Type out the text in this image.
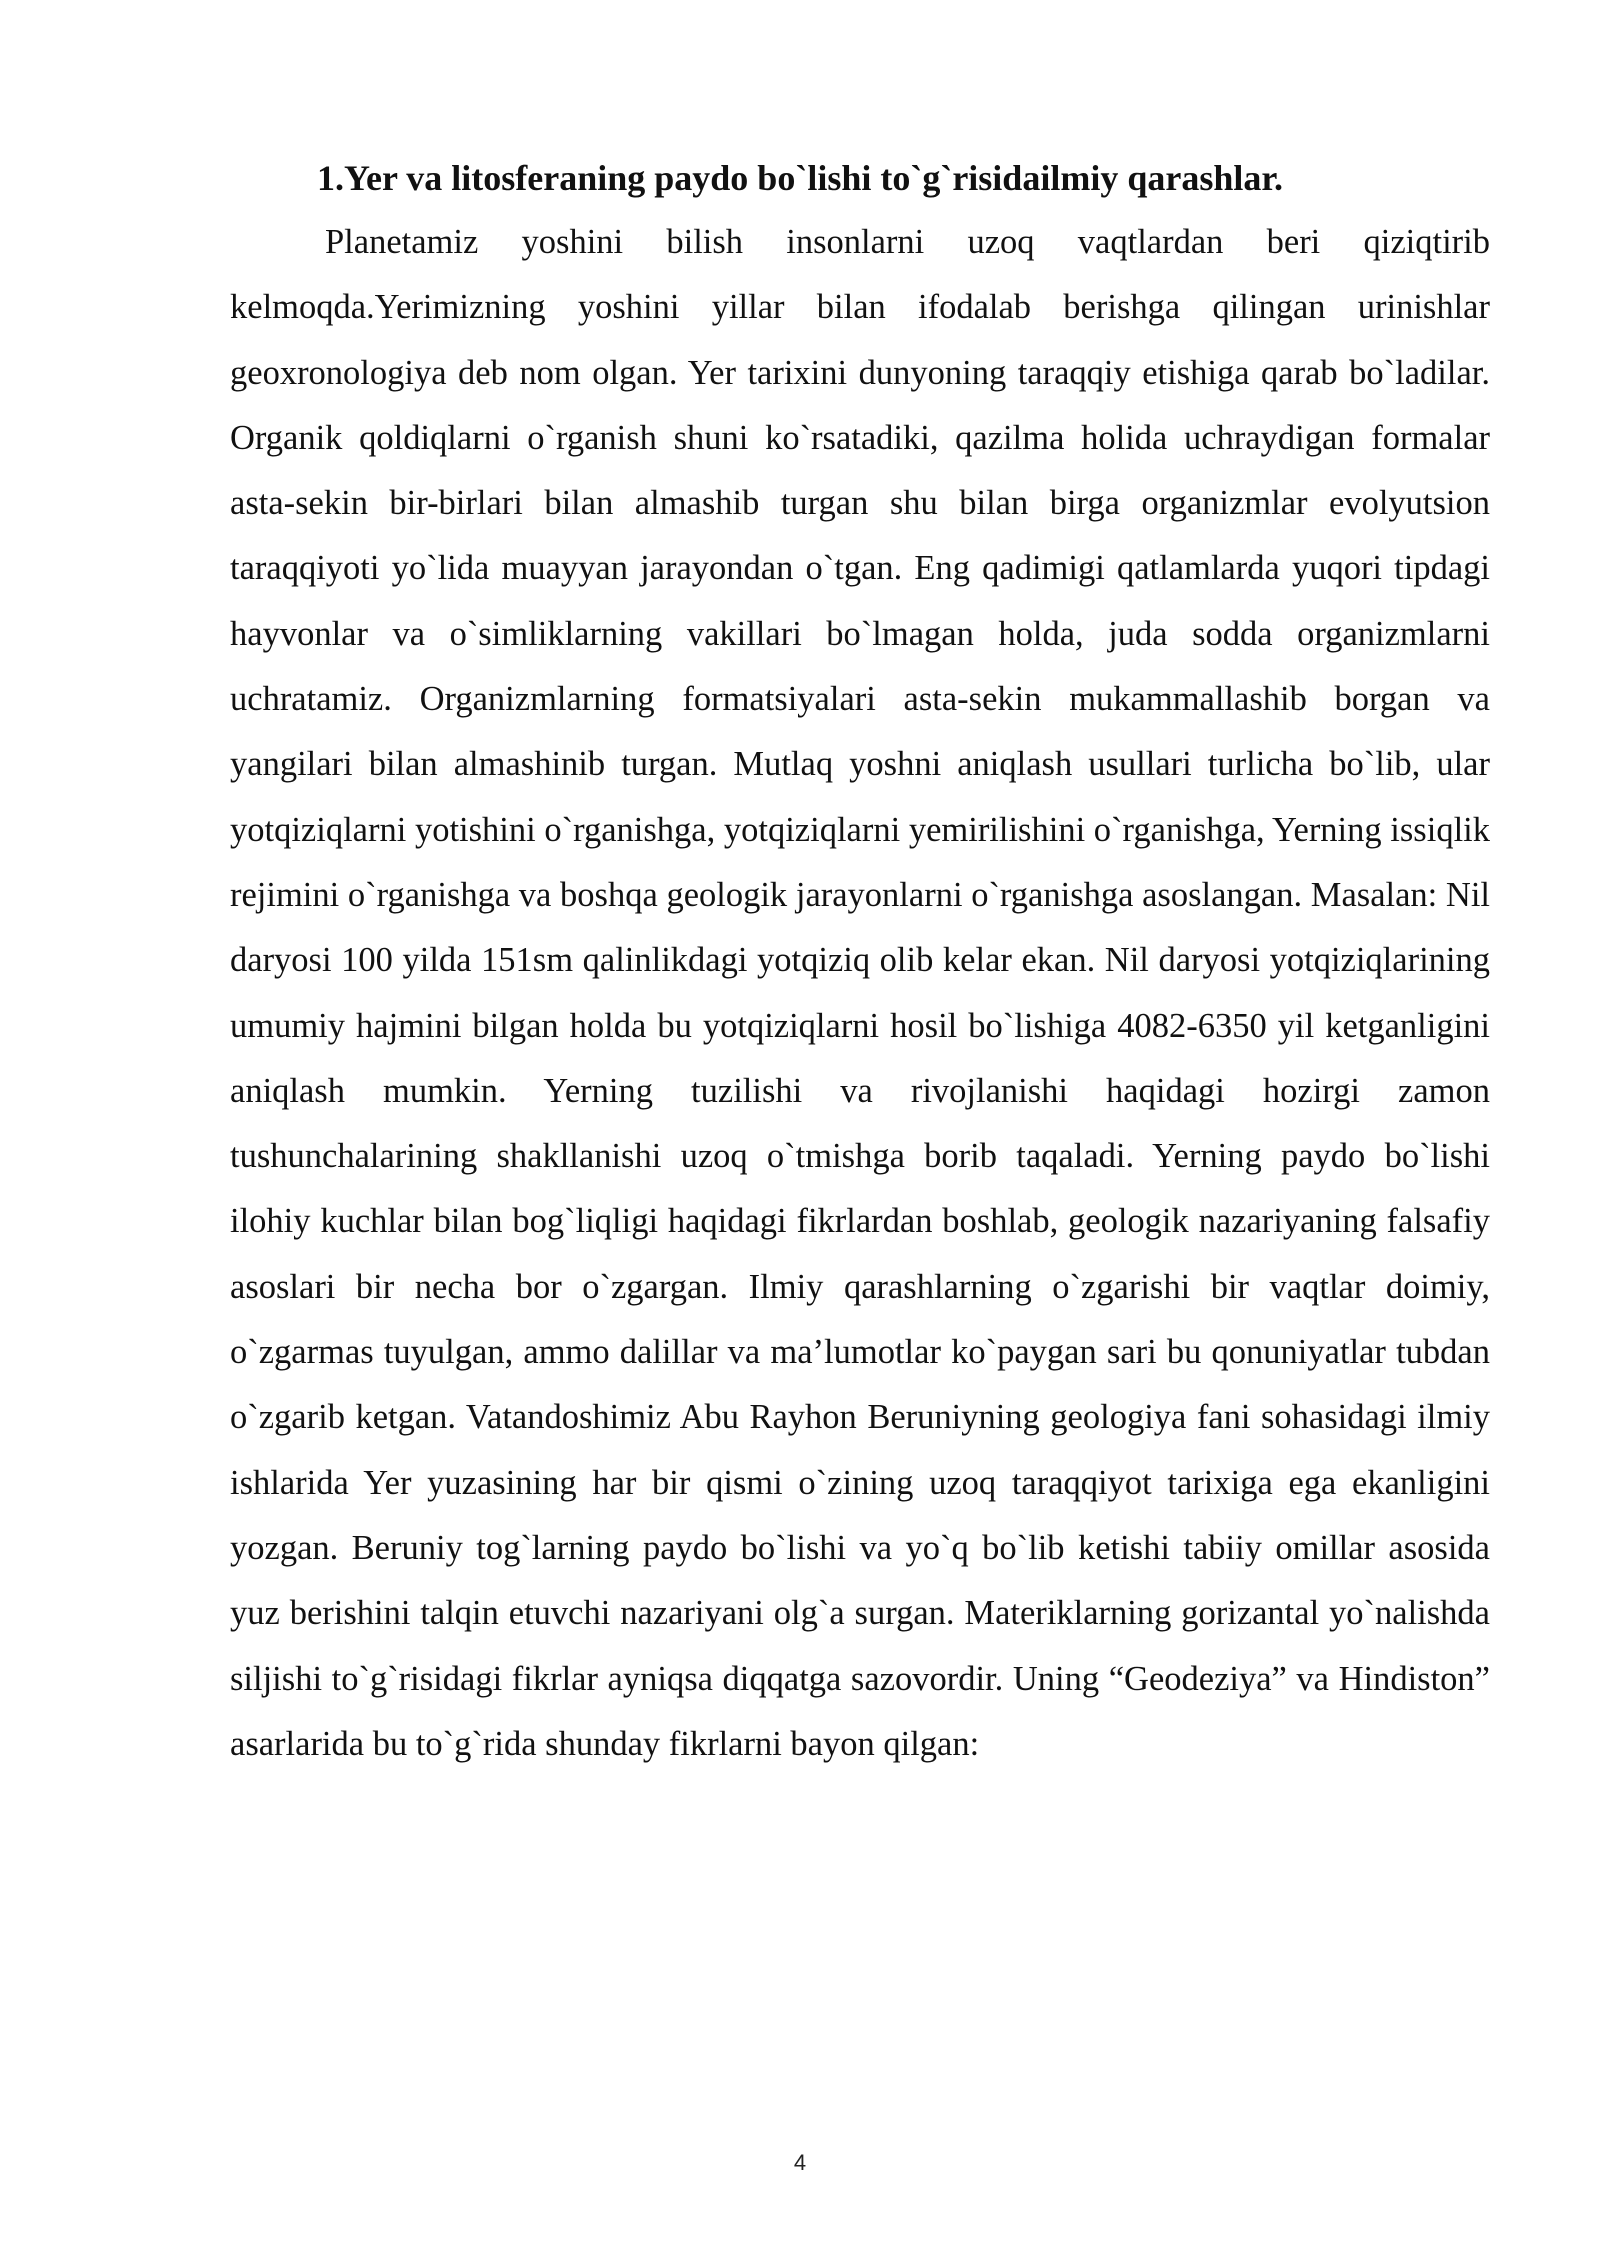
1.Yer va litosferaning paydo bo`lishi to`g`risidailmiy qarashlar.

Planetamiz yoshini bilish insonlarni uzoq vaqtlardan beri qiziqtirib kelmoqda.Yerimizning yoshini yillar bilan ifodalab berishga qilingan urinishlar geoxronologiya deb nom olgan. Yer tarixini dunyoning taraqqiy etishiga qarab bo`ladilar. Organik qoldiqlarni o`rganish shuni ko`rsatadiki, qazilma holida uchraydigan formalar asta-sekin bir-birlari bilan almashib turgan shu bilan birga organizmlar evolyutsion taraqqiyoti yo`lida muayyan jarayondan o`tgan. Eng qadimigi qatlamlarda yuqori tipdagi hayvonlar va o`simliklarning vakillari bo`lmagan holda, juda sodda organizmlarni uchratamiz. Organizmlarning formatsiyalari asta-sekin mukammallashib borgan va yangilari bilan almashinib turgan. Mutlaq yoshni aniqlash usullari turlicha bo`lib, ular yotqiziqlarni yotishini o`rganishga, yotqiziqlarni yemirilishini o`rganishga, Yerning issiqlik rejimini o`rganishga va boshqa geologik jarayonlarni o`rganishga asoslangan. Masalan: Nil daryosi 100 yilda 151sm qalinlikdagi yotqiziq olib kelar ekan. Nil daryosi yotqiziqlarining umumiy hajmini bilgan holda bu yotqiziqlarni hosil bo`lishiga 4082-6350 yil ketganligini aniqlash mumkin. Yerning tuzilishi va rivojlanishi haqidagi hozirgi zamon tushunchalarining shakllanishi uzoq o`tmishga borib taqaladi. Yerning paydo bo`lishi ilohiy kuchlar bilan bog`liqligi haqidagi fikrlardan boshlab, geologik nazariyaning falsafiy asoslari bir necha bor o`zgargan. Ilmiy qarashlarning o`zgarishi bir vaqtlar doimiy, o`zgarmas tuyulgan, ammo dalillar va ma’lumotlar ko`paygan sari bu qonuniyatlar tubdan o`zgarib ketgan. Vatandoshimiz Abu Rayhon Beruniyning geologiya fani sohasidagi ilmiy ishlarida Yer yuzasining har bir qismi o`zining uzoq taraqqiyot tarixiga ega ekanligini yozgan. Beruniy tog`larning paydo bo`lishi va yo`q bo`lib ketishi tabiiy omillar asosida yuz berishini talqin etuvchi nazariyani olg`a surgan. Materiklarning gorizantal yo`nalishda siljishi to`g`risidagi fikrlar ayniqsa diqqatga sazovordir. Uning “Geodeziya” va Hindiston” asarlarida bu to`g`rida shunday fikrlarni bayon qilgan:

4
